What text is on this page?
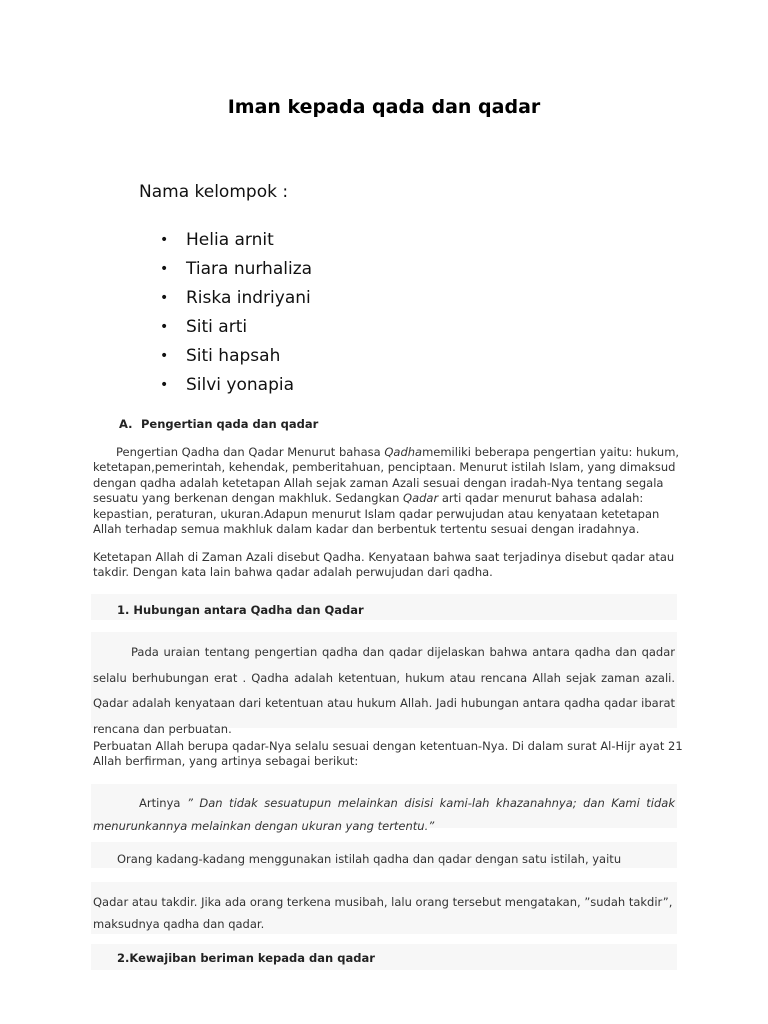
Iman kepada qada dan qadar
Nama kelompok :
• Helia arnit
• Tiara nurhaliza
• Riska indriyani
• Siti arti
• Siti hapsah
• Silvi yonapia
A. Pengertian qada dan qadar
Pengertian Qadha dan Qadar Menurut bahasa Qadhamemiliki beberapa pengertian yaitu: hukum, ketetapan,pemerintah, kehendak, pemberitahuan, penciptaan. Menurut istilah Islam, yang dimaksud dengan qadha adalah ketetapan Allah sejak zaman Azali sesuai dengan iradah-Nya tentang segala sesuatu yang berkenan dengan makhluk. Sedangkan Qadar arti qadar menurut bahasa adalah: kepastian, peraturan, ukuran.Adapun menurut Islam qadar perwujudan atau kenyataan ketetapan Allah terhadap semua makhluk dalam kadar dan berbentuk tertentu sesuai dengan iradahnya.
Ketetapan Allah di Zaman Azali disebut Qadha. Kenyataan bahwa saat terjadinya disebut qadar atau takdir. Dengan kata lain bahwa qadar adalah perwujudan dari qadha.
1. Hubungan antara Qadha dan Qadar
Pada uraian tentang pengertian qadha dan qadar dijelaskan bahwa antara qadha dan qadar selalu berhubungan erat . Qadha adalah ketentuan, hukum atau rencana Allah sejak zaman azali. Qadar adalah kenyataan dari ketentuan atau hukum Allah. Jadi hubungan antara qadha qadar ibarat rencana dan perbuatan.
Perbuatan Allah berupa qadar-Nya selalu sesuai dengan ketentuan-Nya. Di dalam surat Al-Hijr ayat 21 Allah berfirman, yang artinya sebagai berikut:
Artinya ” Dan tidak sesuatupun melainkan disisi kami-lah khazanahnya; dan Kami tidak menurunkannya melainkan dengan ukuran yang tertentu.”
Orang kadang-kadang menggunakan istilah qadha dan qadar dengan satu istilah, yaitu
Qadar atau takdir. Jika ada orang terkena musibah, lalu orang tersebut mengatakan, ”sudah takdir”, maksudnya qadha dan qadar.
2.Kewajiban beriman kepada dan qadar
